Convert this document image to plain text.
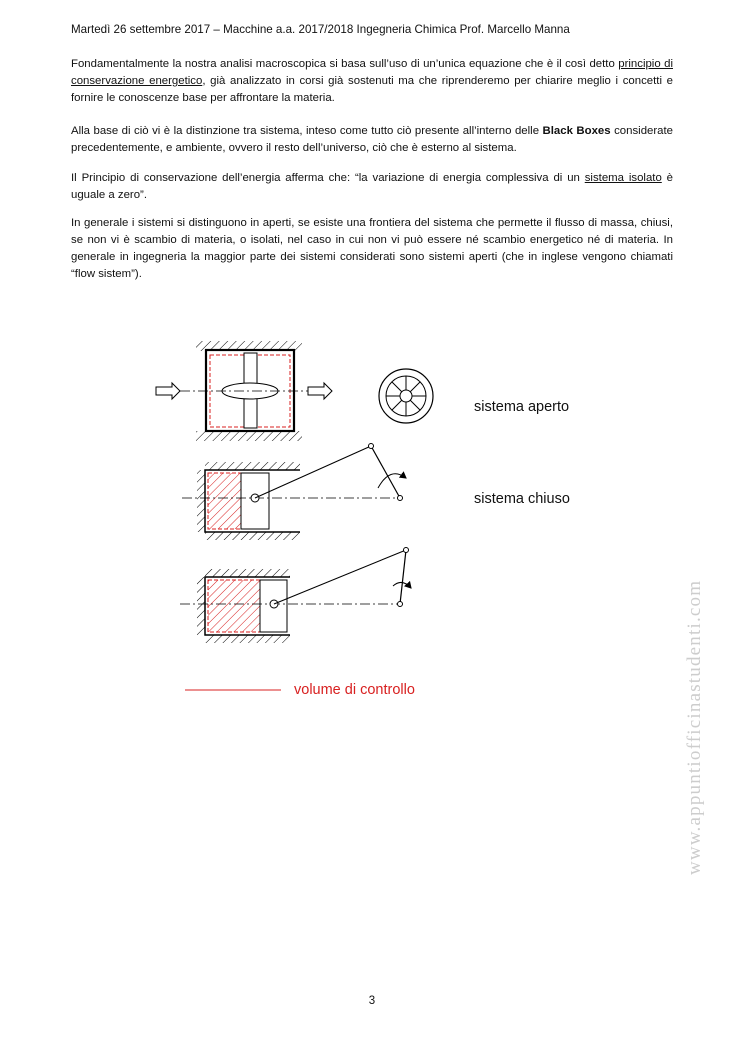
Martedì 26 settembre 2017 – Macchine a.a. 2017/2018 Ingegneria Chimica Prof. Marcello Manna

Fondamentalmente la nostra analisi macroscopica si basa sull’uso di un’unica equazione che è il così detto principio di conservazione energetico, già analizzato in corsi già sostenuti ma che riprenderemo per chiarire meglio i concetti e fornire le conoscenze base per affrontare la materia.

Alla base di ciò vi è la distinzione tra sistema, inteso come tutto ciò presente all’interno delle Black Boxes considerate precedentemente, e ambiente, ovvero il resto dell’universo, ciò che è esterno al sistema.

Il Principio di conservazione dell’energia afferma che: “la variazione di energia complessiva di un sistema isolato è uguale a zero”.

In generale i sistemi si distinguono in aperti, se esiste una frontiera del sistema che permette il flusso di massa, chiusi, se non vi è scambio di materia, o isolati, nel caso in cui non vi può essere né scambio energetico né di materia. In generale in ingegneria la maggior parte dei sistemi considerati sono sistemi aperti (che in inglese vengono chiamati “flow sistem”).

sistema aperto
sistema chiuso
volume di controllo	www.appuntiofficinastudenti.com
3
